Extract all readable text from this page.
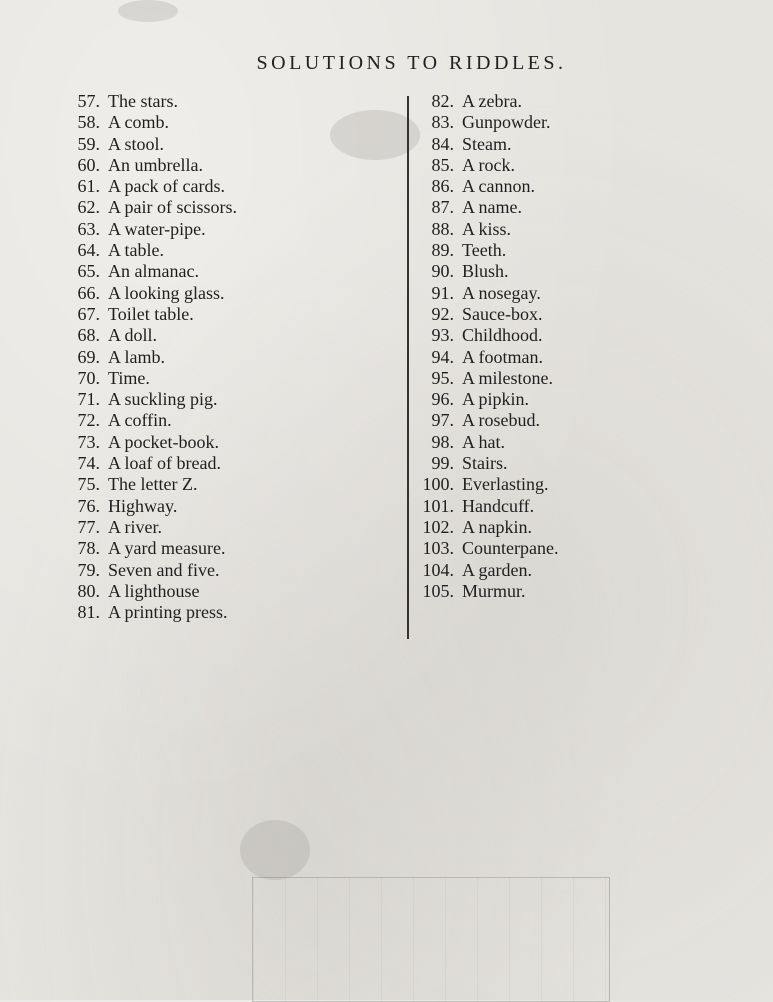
SOLUTIONS TO RIDDLES.
57. The stars.
58. A comb.
59. A stool.
60. An umbrella.
61. A pack of cards.
62. A pair of scissors.
63. A water-pipe.
64. A table.
65. An almanac.
66. A looking glass.
67. Toilet table.
68. A doll.
69. A lamb.
70. Time.
71. A suckling pig.
72. A coffin.
73. A pocket-book.
74. A loaf of bread.
75. The letter Z.
76. Highway.
77. A river.
78. A yard measure.
79. Seven and five.
80. A lighthouse
81. A printing press.
82. A zebra.
83. Gunpowder.
84. Steam.
85. A rock.
86. A cannon.
87. A name.
88. A kiss.
89. Teeth.
90. Blush.
91. A nosegay.
92. Sauce-box.
93. Childhood.
94. A footman.
95. A milestone.
96. A pipkin.
97. A rosebud.
98. A hat.
99. Stairs.
100. Everlasting.
101. Handcuff.
102. A napkin.
103. Counterpane.
104. A garden.
105. Murmur.
